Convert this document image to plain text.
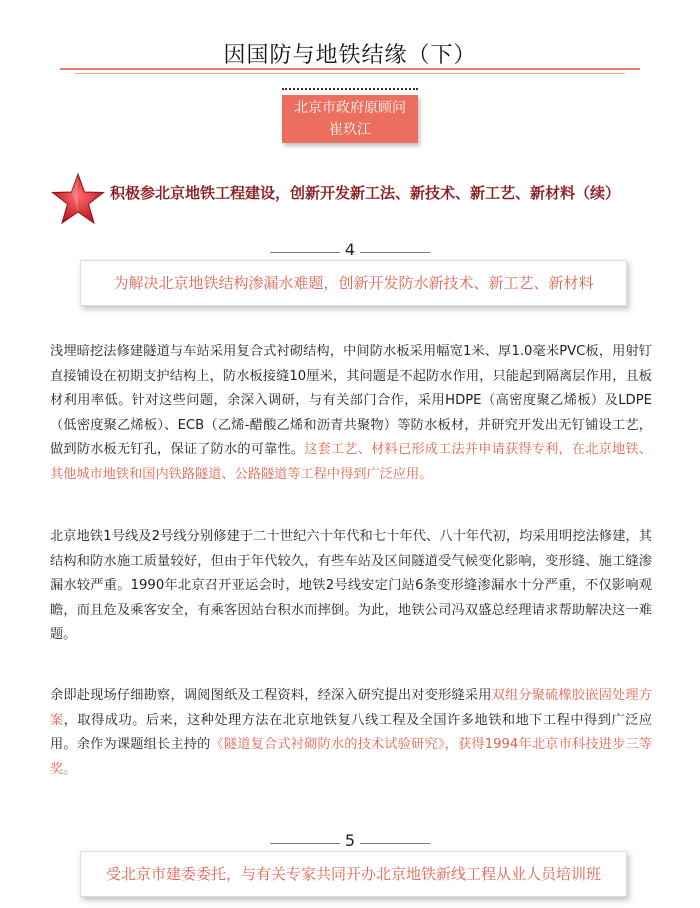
因国防与地铁结缘（下）
北京市政府原顾问
崔玖江
积极参北京地铁工程建设，创新开发新工法、新技术、新工艺、新材料（续）
4
为解决北京地铁结构渗漏水难题，创新开发防水新技术、新工艺、新材料
浅埋暗挖法修建隧道与车站采用复合式衬砌结构，中间防水板采用幅宽1米、厚1.0毫米PVC板，用射钉直接铺设在初期支护结构上，防水板接缝10厘米，其问题是不起防水作用，只能起到隔离层作用，且板材利用率低。针对这些问题，余深入调研，与有关部门合作，采用HDPE（高密度聚乙烯板）及LDPE（低密度聚乙烯板）、ECB（乙烯-醋酸乙烯和沥青共聚物）等防水板材，并研究开发出无钉铺设工艺，做到防水板无钉孔，保证了防水的可靠性。这套工艺、材料已形成工法并申请获得专利，在北京地铁、其他城市地铁和国内铁路隧道、公路隧道等工程中得到广泛应用。
北京地铁1号线及2号线分别修建于二十世纪六十年代和七十年代、八十年代初，均采用明挖法修建，其结构和防水施工质量较好，但由于年代较久，有些车站及区间隧道受气候变化影响，变形缝、施工缝渗漏水较严重。1990年北京召开亚运会时，地铁2号线安定门站6条变形缝渗漏水十分严重，不仅影响观瞻，而且危及乘客安全，有乘客因站台积水而摔倒。为此，地铁公司冯双盛总经理请求帮助解决这一难题。
余即赴现场仔细勘察，调阅图纸及工程资料，经深入研究提出对变形缝采用双组分聚硫橡胶嵌固处理方案，取得成功。后来，这种处理方法在北京地铁复八线工程及全国许多地铁和地下工程中得到广泛应用。余作为课题组长主持的《隧道复合式衬砌防水的技术试验研究》，获得1994年北京市科技进步三等奖。
5
受北京市建委委托，与有关专家共同开办北京地铁新线工程从业人员培训班
